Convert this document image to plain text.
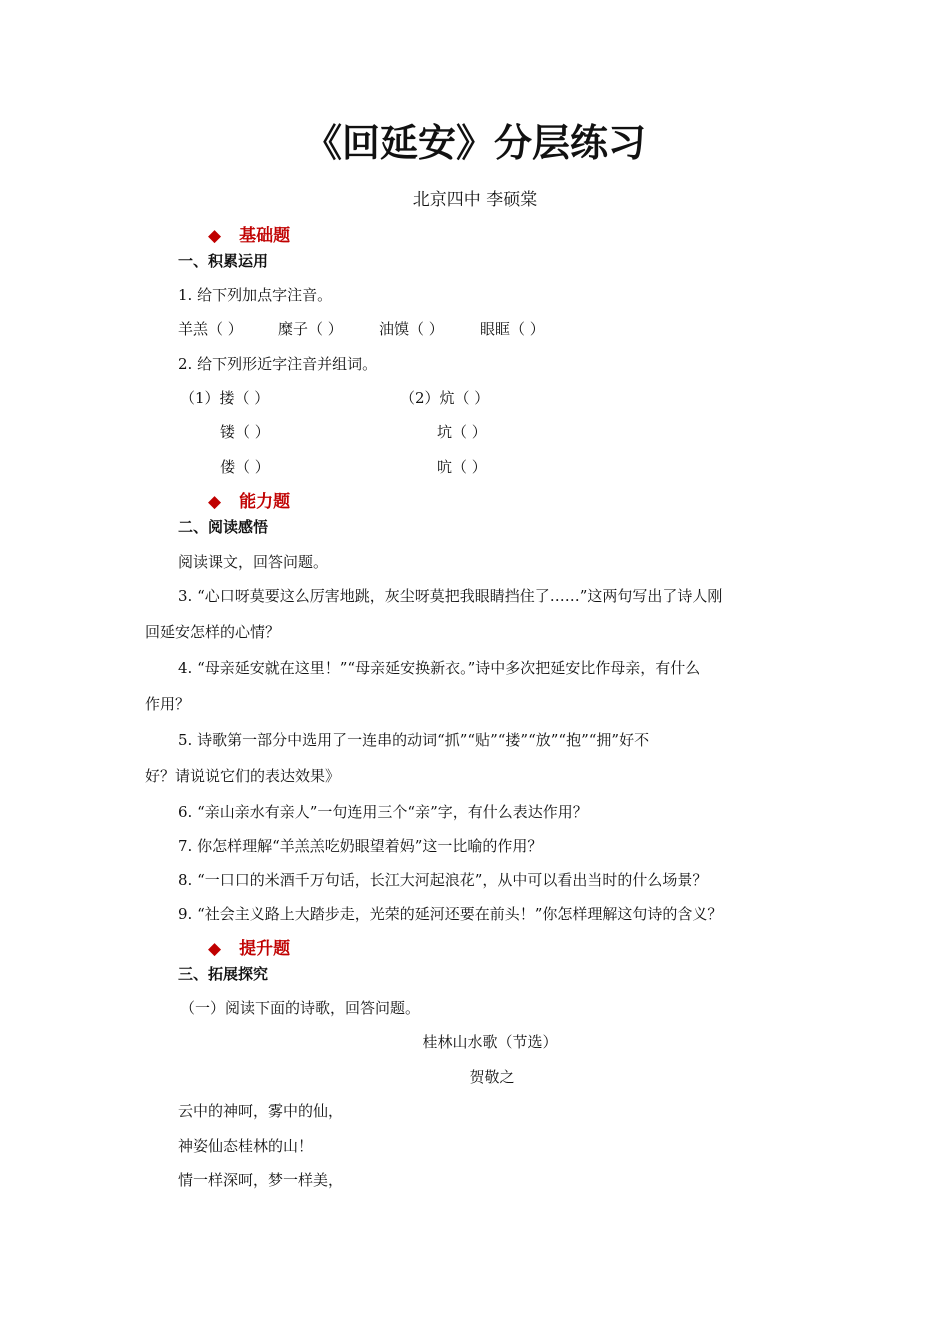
《回延安》分层练习
北京四中 李硕棠
◆ 基础题
一、积累运用
1. 给下列加点字注音。
羊羔（ ） 糜子（ ） 油馍（ ） 眼眶（ ）
2. 给下列形近字注音并组词。
（1）搂（ ）
镂（ ）
偻（ ）
（2）炕（ ）
坑（ ）
吭（ ）
◆ 能力题
二、阅读感悟
阅读课文，回答问题。
3. “心口呀莫要这么厉害地跳，灰尘呀莫把我眼睛挡住了……”这两句写出了诗人刚
回延安怎样的心情？
4. “母亲延安就在这里！”“母亲延安换新衣。”诗中多次把延安比作母亲，有什么
作用？
5. 诗歌第一部分中选用了一连串的动词“抓”“贴”“搂”“放”“抱”“拥”好不
好？请说说它们的表达效果》
6. “亲山亲水有亲人”一句连用三个“亲”字，有什么表达作用？
7. 你怎样理解“羊羔羔吃奶眼望着妈”这一比喻的作用？
8. “一口口的米酒千万句话，长江大河起浪花”，从中可以看出当时的什么场景？
9. “社会主义路上大踏步走，光荣的延河还要在前头！”你怎样理解这句诗的含义？
◆ 提升题
三、拓展探究
（一）阅读下面的诗歌，回答问题。
桂林山水歌（节选）
贺敬之
云中的神呵，雾中的仙，
神姿仙态桂林的山！
情一样深呵，梦一样美，
